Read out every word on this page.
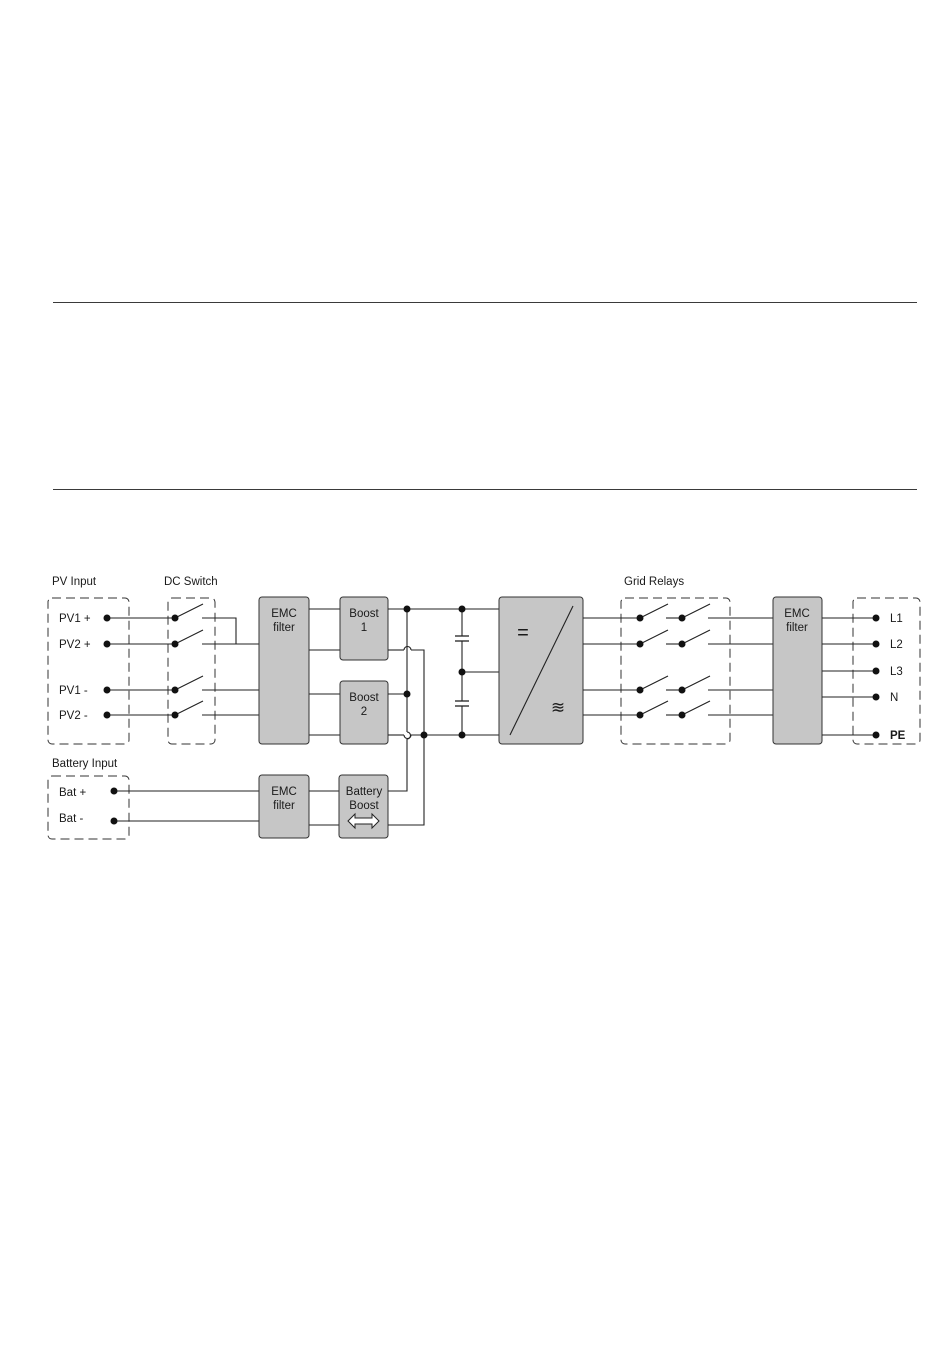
PV Input	DC Switch	Grid Relays
Battery Input
PV1 +
PV2 +
PV1 -
PV2 -
Bat +
Bat -
EMC
filter
EMC
filter
Boost
1
Boost
2
Battery
Boost
=
≋
EMC
filter
L1
L2
L3
N
PE
